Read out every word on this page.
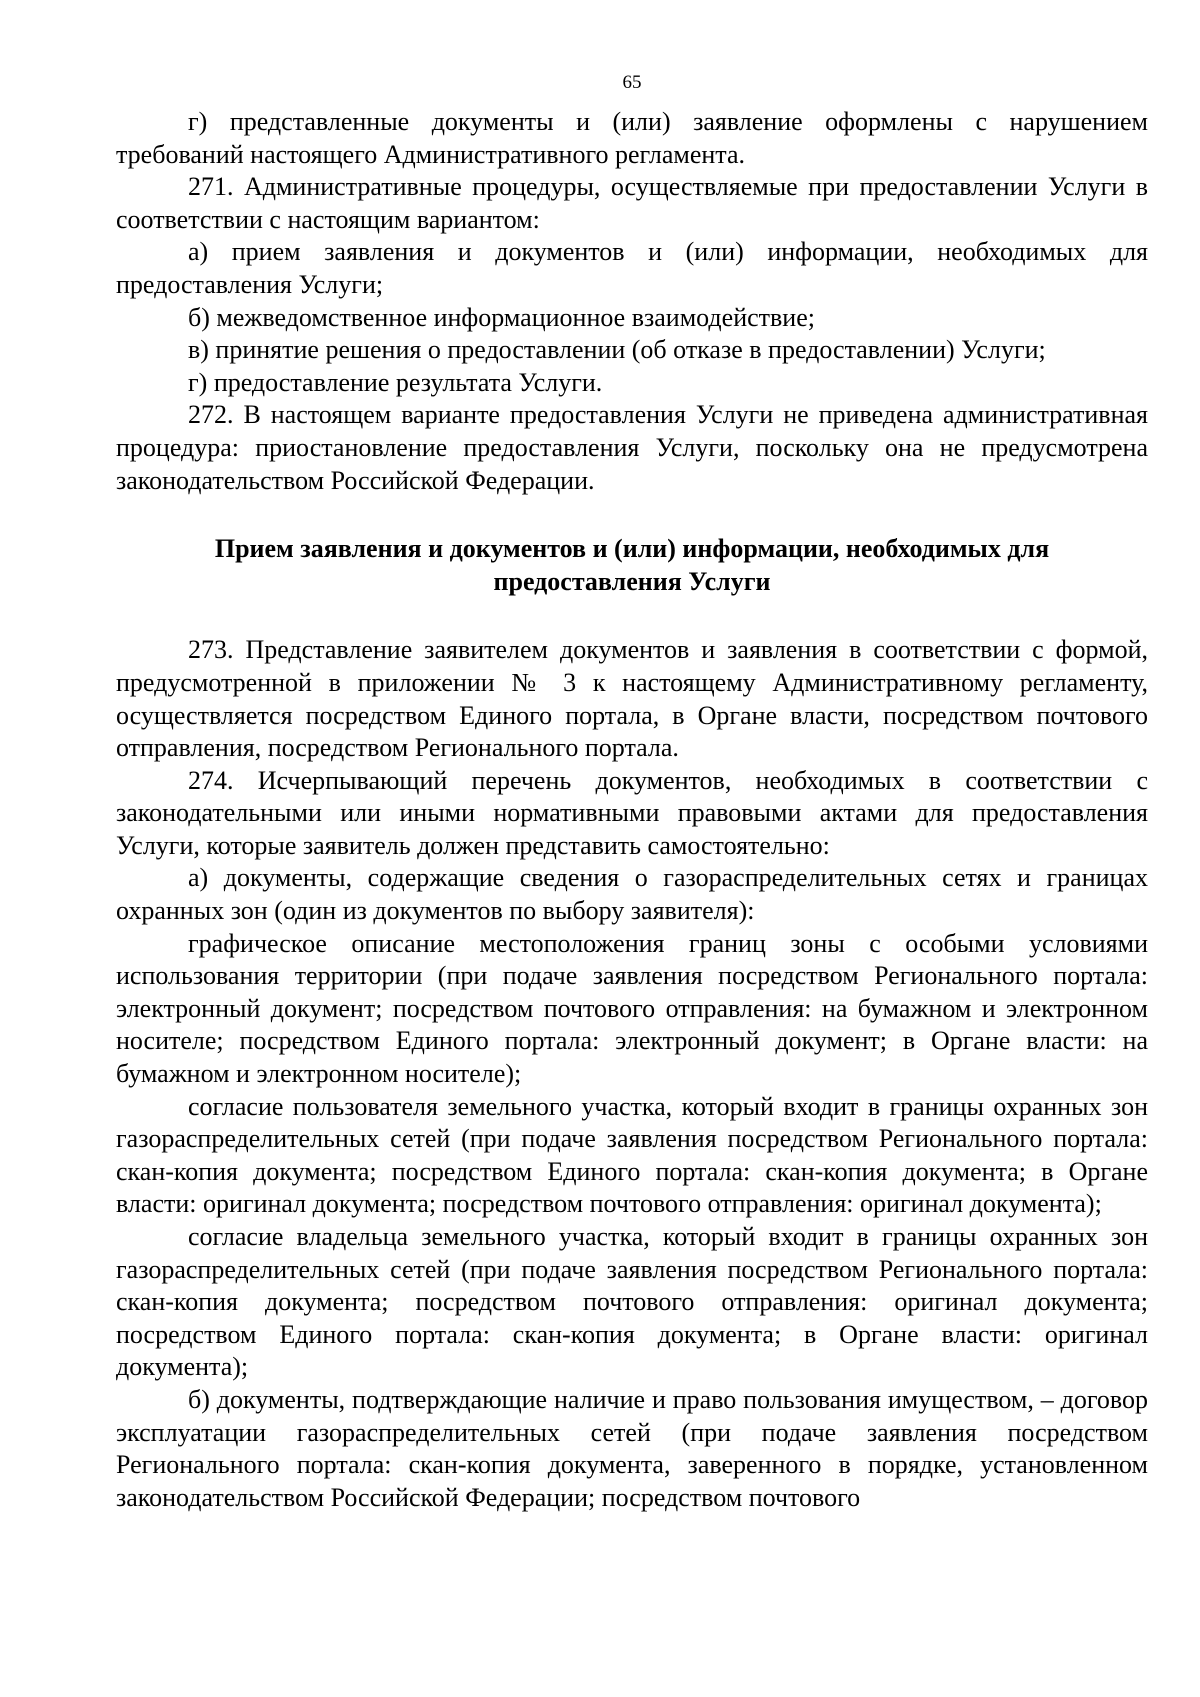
65

г) представленные документы и (или) заявление оформлены с нарушением требований настоящего Административного регламента.

271. Административные процедуры, осуществляемые при предоставлении Услуги в соответствии с настоящим вариантом:

а) прием заявления и документов и (или) информации, необходимых для предоставления Услуги;

б) межведомственное информационное взаимодействие;

в) принятие решения о предоставлении (об отказе в предоставлении) Услуги;

г) предоставление результата Услуги.

272. В настоящем варианте предоставления Услуги не приведена административная процедура: приостановление предоставления Услуги, поскольку она не предусмотрена законодательством Российской Федерации.

Прием заявления и документов и (или) информации, необходимых для
предоставления Услуги

273. Представление заявителем документов и заявления в соответствии с формой, предусмотренной в приложении № 3 к настоящему Административному регламенту, осуществляется посредством Единого портала, в Органе власти, посредством почтового отправления, посредством Регионального портала.

274. Исчерпывающий перечень документов, необходимых в соответствии с законодательными или иными нормативными правовыми актами для предоставления Услуги, которые заявитель должен представить самостоятельно:

а) документы, содержащие сведения о газораспределительных сетях и границах охранных зон (один из документов по выбору заявителя):

графическое описание местоположения границ зоны с особыми условиями использования территории (при подаче заявления посредством Регионального портала: электронный документ; посредством почтового отправления: на бумажном и электронном носителе; посредством Единого портала: электронный документ; в Органе власти: на бумажном и электронном носителе);

согласие пользователя земельного участка, который входит в границы охранных зон газораспределительных сетей (при подаче заявления посредством Регионального портала: скан-копия документа; посредством Единого портала: скан-копия документа; в Органе власти: оригинал документа; посредством почтового отправления: оригинал документа);

согласие владельца земельного участка, который входит в границы охранных зон газораспределительных сетей (при подаче заявления посредством Регионального портала: скан-копия документа; посредством почтового отправления: оригинал документа; посредством Единого портала: скан-копия документа; в Органе власти: оригинал документа);

б) документы, подтверждающие наличие и право пользования имуществом, – договор эксплуатации газораспределительных сетей (при подаче заявления посредством Регионального портала: скан-копия документа, заверенного в порядке, установленном законодательством Российской Федерации; посредством почтового
